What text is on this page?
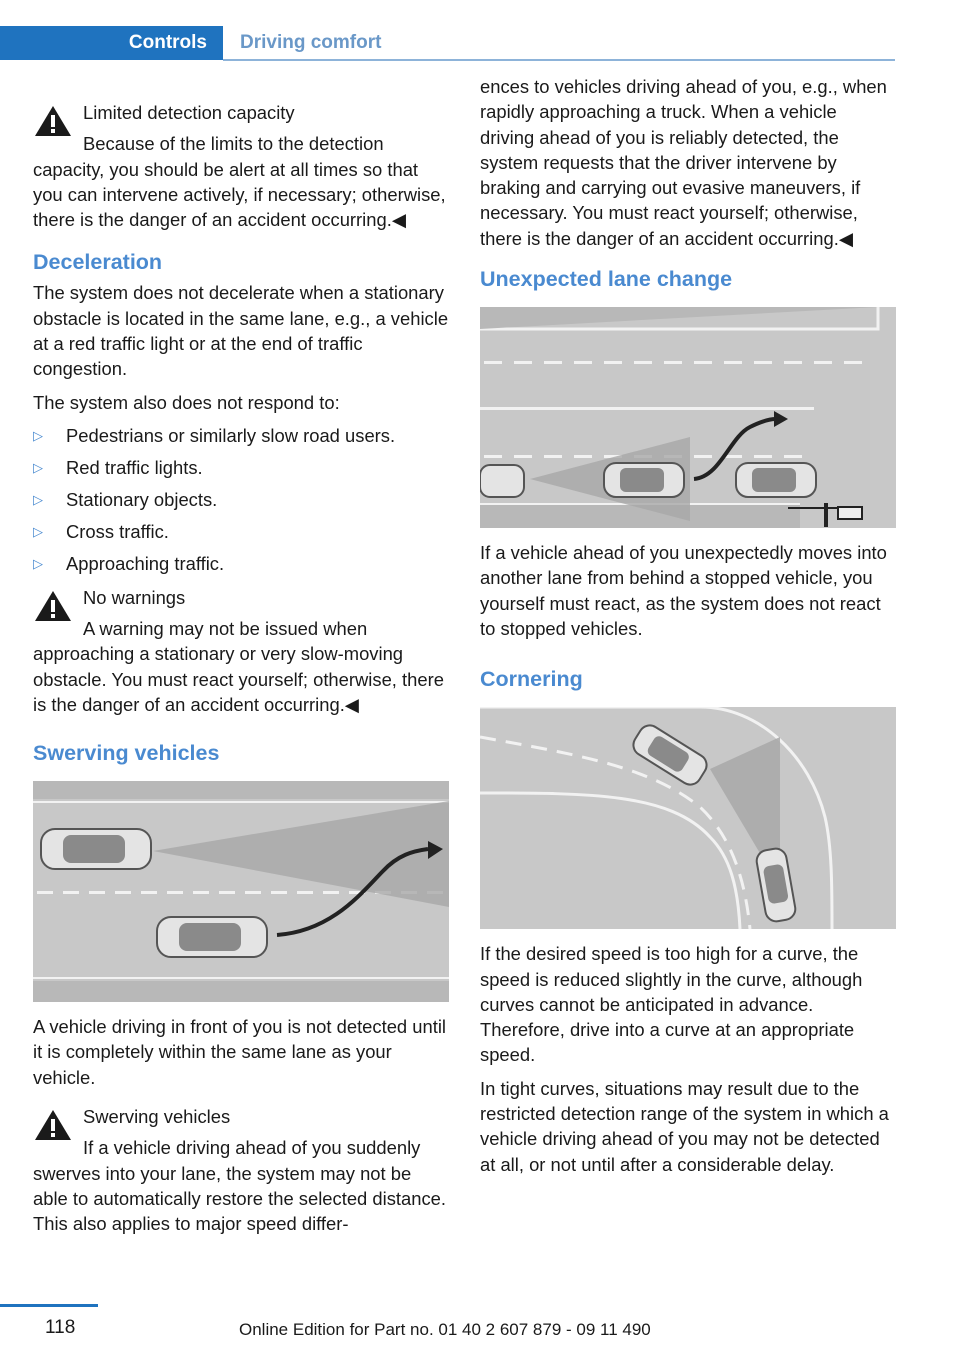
Controls	Driving comfort
Limited detection capacity
Because of the limits to the detection capacity, you should be alert at all times so that you can intervene actively, if necessary; otherwise, there is the danger of an accident occurring.◀
Deceleration

The system does not decelerate when a stationary obstacle is located in the same lane, e.g., a vehicle at a red traffic light or at the end of traffic congestion.

The system also does not respond to:

▷ Pedestrians or similarly slow road users.
▷ Red traffic lights.
▷ Stationary objects.
▷ Cross traffic.
▷ Approaching traffic.
No warnings
A warning may not be issued when approaching a stationary or very slow-moving obstacle. You must react yourself; otherwise, there is the danger of an accident occurring.◀
Swerving vehicles

A vehicle driving in front of you is not detected until it is completely within the same lane as your vehicle.

Swerving vehicles
If a vehicle driving ahead of you suddenly swerves into your lane, the system may not be able to automatically restore the selected distance. This also applies to major speed differ-

ences to vehicles driving ahead of you, e.g., when rapidly approaching a truck. When a vehicle driving ahead of you is reliably detected, the system requests that the driver intervene by braking and carrying out evasive maneuvers, if necessary. You must react yourself; otherwise, there is the danger of an accident occurring.◀

Unexpected lane change

If a vehicle ahead of you unexpectedly moves into another lane from behind a stopped vehicle, you yourself must react, as the system does not react to stopped vehicles.

Cornering

If the desired speed is too high for a curve, the speed is reduced slightly in the curve, although curves cannot be anticipated in advance. Therefore, drive into a curve at an appropriate speed.

In tight curves, situations may result due to the restricted detection range of the system in which a vehicle driving ahead of you may not be detected at all, or not until after a considerable delay.

118	Online Edition for Part no. 01 40 2 607 879 - 09 11 490
